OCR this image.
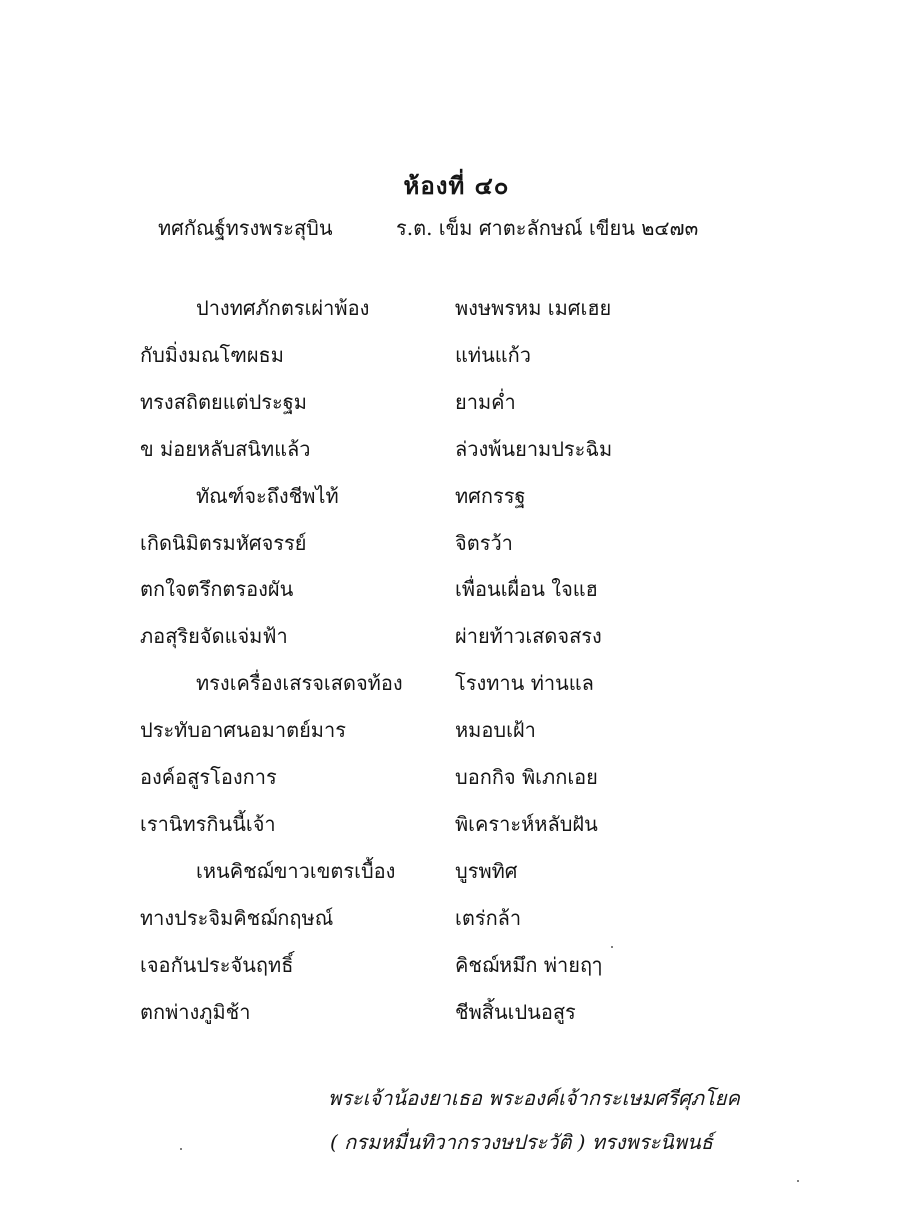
ห้องที่ ๔๐
ทศกัณฐ์ทรงพระสุบิน	ร.ต. เข็ม ศาตะลักษณ์ เขียน ๒๔๗๓
ปางทศภักตรเผ่าพ้อง	พงษพรหม เมศเฮย
กับมิ่งมณโฑผธม	แท่นแก้ว
ทรงสถิตยแต่ประฐม	ยามค่ำ
ข ม่อยหลับสนิทแล้ว	ล่วงพ้นยามประฉิม
ทัณฑ์จะถึงชีพไท้	ทศกรรฐ
เกิดนิมิตรมหัศจรรย์	จิตรว้า
ตกใจตรึกตรองผัน	เพื่อนเผื่อน ใจแฮ
ภอสุริยจัดแจ่มฟ้า	ผ่ายท้าวเสดจสรง
ทรงเครื่องเสรจเสดจท้อง	โรงทาน ท่านแล
ประทับอาศนอมาตย์มาร	หมอบเฝ้า
องค์อสูรโองการ	บอกกิจ พิเภกเอย
เรานิทรกินนี้เจ้า	พิเคราะห์หลับฝัน
เหนคิชฌ์ขาวเขตรเบื้อง	บูรพทิศ
ทางประจิมคิชฌ์กฤษณ์	เตร่กล้า
เจอกันประจันฤทธิ์	คิชฌ์หมึก พ่ายฤๅ
ตกพ่างภูมิช้า	ชีพสิ้นเปนอสูร
พระเจ้าน้องยาเธอ พระองค์เจ้ากระเษมศรีศุภโยค
( กรมหมื่นทิวากรวงษประวัติ ) ทรงพระนิพนธ์
